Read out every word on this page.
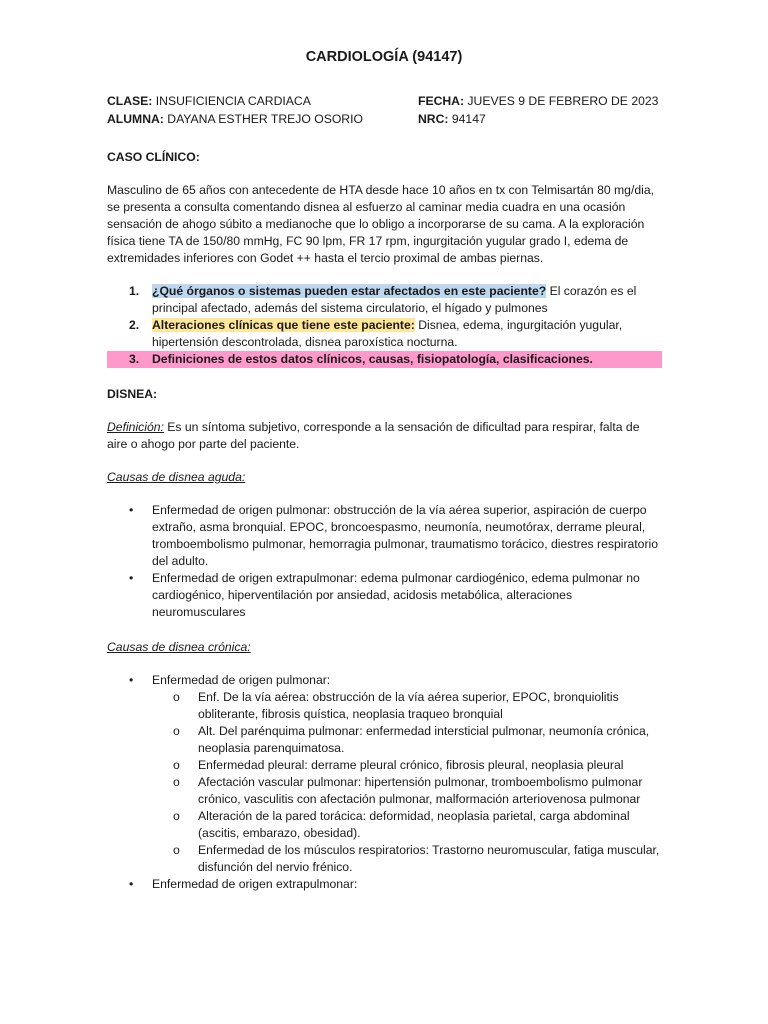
CARDIOLOGÍA (94147)
CLASE: INSUFICIENCIA CARDIACA
ALUMNA: DAYANA ESTHER TREJO OSORIO
FECHA: JUEVES 9 DE FEBRERO DE 2023
NRC: 94147
CASO CLÍNICO:
Masculino de 65 años con antecedente de HTA desde hace 10 años en tx con Telmisartán 80 mg/dia, se presenta a consulta comentando disnea al esfuerzo al caminar media cuadra en una ocasión sensación de ahogo súbito a medianoche que lo obligo a incorporarse de su cama. A la exploración física tiene TA de 150/80 mmHg, FC 90 lpm, FR 17 rpm, ingurgitación yugular grado I, edema de extremidades inferiores con Godet ++ hasta el tercio proximal de ambas piernas.
1. ¿Qué órganos o sistemas pueden estar afectados en este paciente? El corazón es el principal afectado, además del sistema circulatorio, el hígado y pulmones
2. Alteraciones clínicas que tiene este paciente: Disnea, edema, ingurgitación yugular, hipertensión descontrolada, disnea paroxística nocturna.
3. Definiciones de estos datos clínicos, causas, fisiopatología, clasificaciones.
DISNEA:
Definición: Es un síntoma subjetivo, corresponde a la sensación de dificultad para respirar, falta de aire o ahogo por parte del paciente.
Causas de disnea aguda:
• Enfermedad de origen pulmonar: obstrucción de la vía aérea superior, aspiración de cuerpo extraño, asma bronquial. EPOC, broncoespasmo, neumonía, neumotórax, derrame pleural, tromboembolismo pulmonar, hemorragia pulmonar, traumatismo torácico, diestres respiratorio del adulto.
• Enfermedad de origen extrapulmonar: edema pulmonar cardiogénico, edema pulmonar no cardiogénico, hiperventilación por ansiedad, acidosis metabólica, alteraciones neuromusculares
Causas de disnea crónica:
• Enfermedad de origen pulmonar:
o Enf. De la vía aérea: obstrucción de la vía aérea superior, EPOC, bronquiolitis obliterante, fibrosis quística, neoplasia traqueo bronquial
o Alt. Del parénquima pulmonar: enfermedad intersticial pulmonar, neumonía crónica, neoplasia parenquimatosa.
o Enfermedad pleural: derrame pleural crónico, fibrosis pleural, neoplasia pleural
o Afectación vascular pulmonar: hipertensión pulmonar, tromboembolismo pulmonar crónico, vasculitis con afectación pulmonar, malformación arteriovenosa pulmonar
o Alteración de la pared torácica: deformidad, neoplasia parietal, carga abdominal (ascitis, embarazo, obesidad).
o Enfermedad de los músculos respiratorios: Trastorno neuromuscular, fatiga muscular, disfunción del nervio frénico.
• Enfermedad de origen extrapulmonar:
